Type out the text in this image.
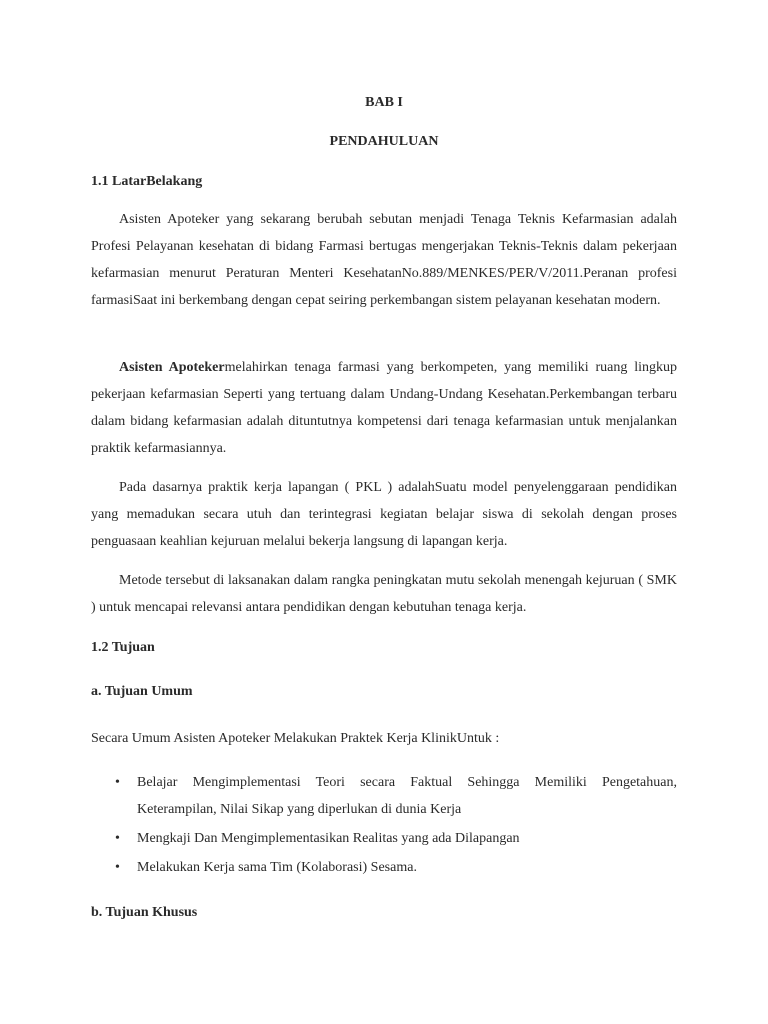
BAB I
PENDAHULUAN
1.1 LatarBelakang

Asisten Apoteker yang sekarang berubah sebutan menjadi Tenaga Teknis Kefarmasian adalah Profesi Pelayanan kesehatan di bidang Farmasi bertugas mengerjakan Teknis-Teknis dalam pekerjaan kefarmasian menurut Peraturan Menteri KesehatanNo.889/MENKES/PER/V/2011.Peranan profesi farmasiSaat ini berkembang dengan cepat seiring perkembangan sistem pelayanan kesehatan modern.

Asisten Apotekermelahirkan tenaga farmasi yang berkompeten, yang memiliki ruang lingkup pekerjaan kefarmasian Seperti yang tertuang dalam Undang-Undang Kesehatan.Perkembangan terbaru dalam bidang kefarmasian adalah dituntutnya kompetensi dari tenaga kefarmasian untuk menjalankan praktik kefarmasiannya.

Pada dasarnya praktik kerja lapangan ( PKL ) adalahSuatu model penyelenggaraan pendidikan yang memadukan secara utuh dan terintegrasi kegiatan belajar siswa di sekolah dengan proses penguasaan keahlian kejuruan melalui bekerja langsung di lapangan kerja.

Metode tersebut di laksanakan dalam rangka peningkatan mutu sekolah menengah kejuruan ( SMK ) untuk mencapai relevansi antara pendidikan dengan kebutuhan tenaga kerja.

1.2 Tujuan
a. Tujuan Umum
Secara Umum Asisten Apoteker Melakukan Praktek Kerja KlinikUntuk :
• Belajar Mengimplementasi Teori secara Faktual Sehingga Memiliki Pengetahuan, Keterampilan, Nilai Sikap yang diperlukan di dunia Kerja
• Mengkaji Dan Mengimplementasikan Realitas yang ada Dilapangan
• Melakukan Kerja sama Tim (Kolaborasi) Sesama.
b. Tujuan Khusus
